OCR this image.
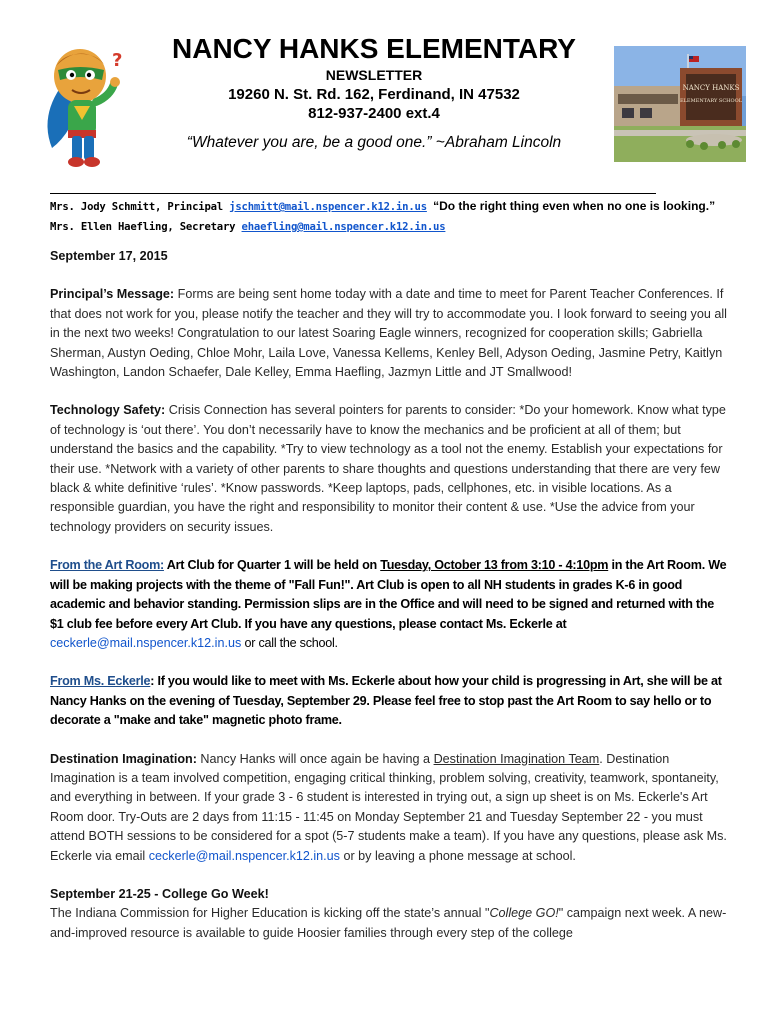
?	NANCY HANKS ELEMENTARY
NEWSLETTER
19260 N. St. Rd. 162, Ferdinand, IN 47532
812-937-2400 ext.4
“Whatever you are, be a good one.” ~Abraham Lincoln
NANCY HANKS
ELEMENTARY SCHOOL
Mrs. Jody Schmitt, Principal jschmitt@mail.nspencer.k12.in.us “Do the right thing even when no one is looking.”
Mrs. Ellen Haefling, Secretary ehaefling@mail.nspencer.k12.in.us

September 17, 2015

Principal’s Message: Forms are being sent home today with a date and time to meet for Parent Teacher Conferences. If that does not work for you, please notify the teacher and they will try to accommodate you. I look forward to seeing you all in the next two weeks! Congratulation to our latest Soaring Eagle winners, recognized for cooperation skills; Gabriella Sherman, Austyn Oeding, Chloe Mohr, Laila Love, Vanessa Kellems, Kenley Bell, Adyson Oeding, Jasmine Petry, Kaitlyn Washington, Landon Schaefer, Dale Kelley, Emma Haefling, Jazmyn Little and JT Smallwood!

Technology Safety: Crisis Connection has several pointers for parents to consider: *Do your homework. Know what type of technology is ‘out there’. You don’t necessarily have to know the mechanics and be proficient at all of them; but understand the basics and the capability. *Try to view technology as a tool not the enemy. Establish your expectations for their use. *Network with a variety of other parents to share thoughts and questions understanding that there are very few black & white definitive ‘rules’. *Know passwords. *Keep laptops, pads, cellphones, etc. in visible locations. As a responsible guardian, you have the right and responsibility to monitor their content & use. *Use the advice from your technology providers on security issues.

From the Art Room: Art Club for Quarter 1 will be held on Tuesday, October 13 from 3:10 - 4:10pm in the Art Room. We will be making projects with the theme of "Fall Fun!". Art Club is open to all NH students in grades K-6 in good academic and behavior standing. Permission slips are in the Office and will need to be signed and returned with the $1 club fee before every Art Club. If you have any questions, please contact Ms. Eckerle at ceckerle@mail.nspencer.k12.in.us or call the school.

From Ms. Eckerle: If you would like to meet with Ms. Eckerle about how your child is progressing in Art, she will be at Nancy Hanks on the evening of Tuesday, September 29. Please feel free to stop past the Art Room to say hello or to decorate a "make and take" magnetic photo frame.

Destination Imagination: Nancy Hanks will once again be having a Destination Imagination Team. Destination Imagination is a team involved competition, engaging critical thinking, problem solving, creativity, teamwork, spontaneity, and everything in between. If your grade 3 - 6 student is interested in trying out, a sign up sheet is on Ms. Eckerle's Art Room door. Try-Outs are 2 days from 11:15 - 11:45 on Monday September 21 and Tuesday September 22 - you must attend BOTH sessions to be considered for a spot (5-7 students make a team). If you have any questions, please ask Ms. Eckerle via email ceckerle@mail.nspencer.k12.in.us or by leaving a phone message at school.

September 21-25 - College Go Week!
The Indiana Commission for Higher Education is kicking off the state’s annual "College GO!" campaign next week. A new-and-improved resource is available to guide Hoosier families through every step of the college
